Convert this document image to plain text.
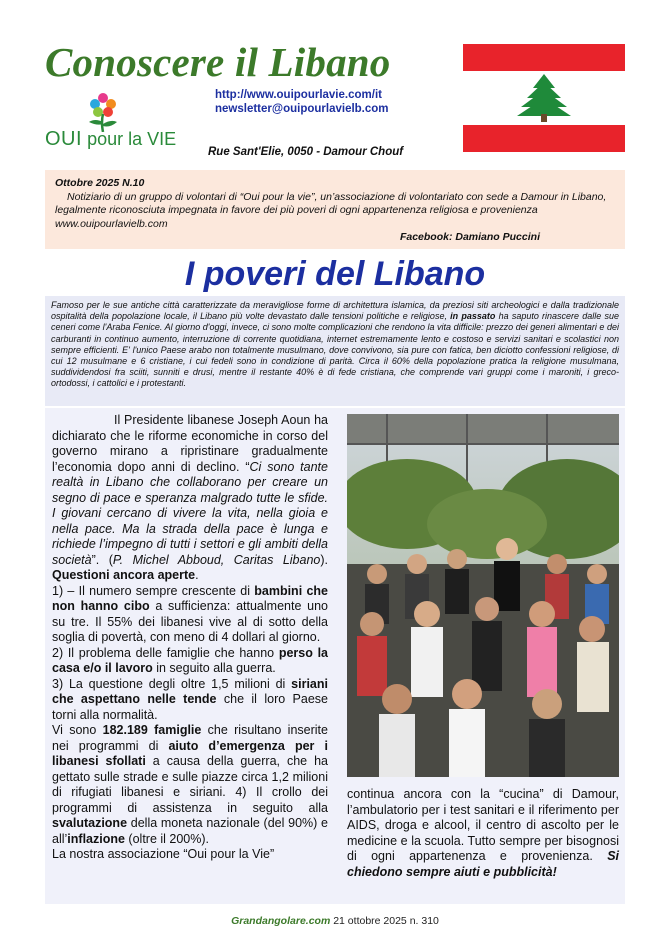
Conoscere il Libano
http://www.ouipourlavie.com/it
newsletter@ouipourlavielb.com
OUI pour la VIE
Rue Sant'Elie, 0050 - Damour Chouf
Ottobre 2025 N.10
Notiziario di un gruppo di volontari di “Oui pour la vie”, un’associazione di volontariato con sede a Damour in Libano, legalmente riconosciuta impegnata in favore dei più poveri di ogni appartenenza religiosa e provenienza www.ouipourlavielb.com
Facebook: Damiano Puccini
I poveri del Libano
Famoso per le sue antiche città caratterizzate da meravigliose forme di architettura islamica, da preziosi siti archeologici e dalla tradizionale ospitalità della popolazione locale, il Libano più volte devastato dalle tensioni politiche e religiose, in passato ha saputo rinascere dalle sue ceneri come l'Araba Fenice. Al giorno d'oggi, invece, ci sono molte complicazioni che rendono la vita difficile: prezzo dei generi alimentari e dei carburanti in continuo aumento, interruzione di corrente quotidiana, internet estremamente lento e costoso e servizi sanitari e scolastici non sempre efficienti. E' l'unico Paese arabo non totalmente musulmano, dove convivono, sia pure con fatica, ben diciotto confessioni religiose, di cui 12 musulmane e 6 cristiane, i cui fedeli sono in condizione di parità. Circa il 60% della popolazione pratica la religione musulmana, suddividendosi fra sciiti, sunniti e drusi, mentre il restante 40% è di fede cristiana, che comprende vari gruppi come i maroniti, i greco-ortodossi, i cattolici e i protestanti.

Il Presidente libanese Joseph Aoun ha dichiarato che le riforme economiche in corso del governo mirano a ripristinare gradualmente l’economia dopo anni di declino. “Ci sono tante realtà in Libano che collaborano per creare un segno di pace e speranza malgrado tutte le sfide. I giovani cercano di vivere la vita, nella gioia e nella pace. Ma la strada della pace è lunga e richiede l’impegno di tutti i settori e gli ambiti della società”. (P. Michel Abboud, Caritas Libano). Questioni ancora aperte.

1) – Il numero sempre crescente di bambini che non hanno cibo a sufficienza: attualmente uno su tre. Il 55% dei libanesi vive al di sotto della soglia di povertà, con meno di 4 dollari al giorno.

2) Il problema delle famiglie che hanno perso la casa e/o il lavoro in seguito alla guerra.

3) La questione degli oltre 1,5 milioni di siriani che aspettano nelle tende che il loro Paese torni alla normalità.

Vi sono 182.189 famiglie che risultano inserite nei programmi di aiuto d’emergenza per i libanesi sfollati a causa della guerra, che ha gettato sulle strade e sulle piazze circa 1,2 milioni di rifugiati libanesi e siriani. 4) Il crollo dei programmi di assistenza in seguito alla svalutazione della moneta nazionale (del 90%) e all’inflazione (oltre il 200%).

La nostra associazione “Oui pour la Vie”

continua ancora con la “cucina” di Damour, l’ambulatorio per i test sanitari e il riferimento per AIDS, droga e alcool, il centro di ascolto per le medicine e la scuola. Tutto sempre per bisognosi di ogni appartenenza e provenienza. Si chiedono sempre aiuti e pubblicità!
Grandangolare.com 21 ottobre 2025 n. 310
